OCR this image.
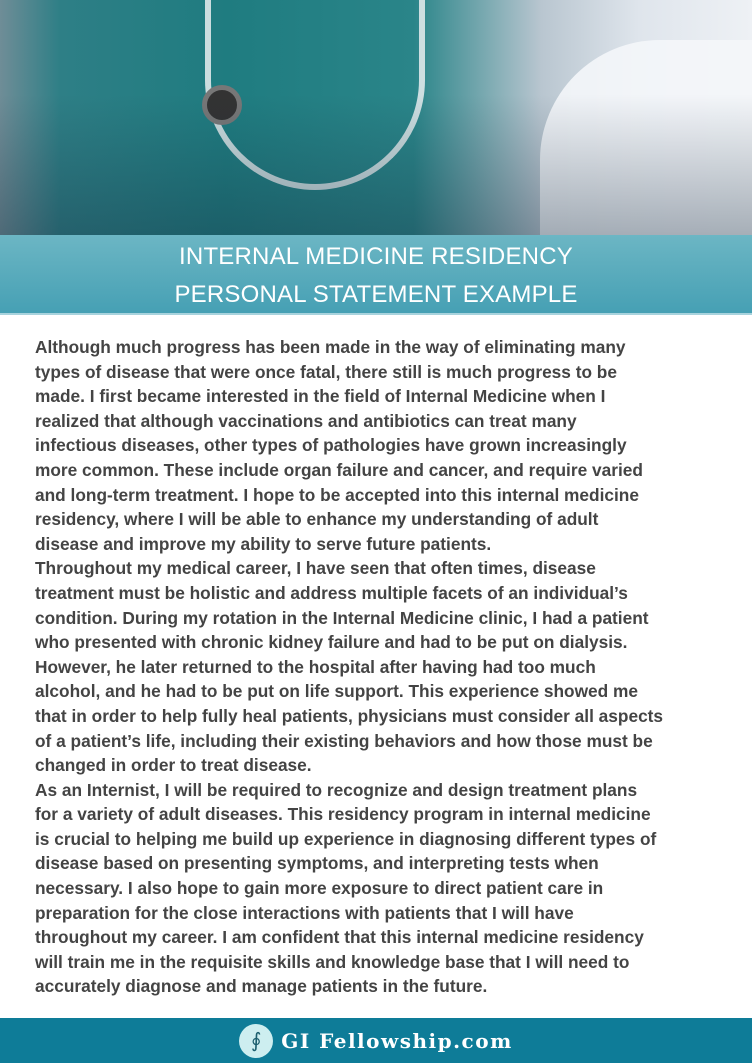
INTERNAL MEDICINE RESIDENCY
PERSONAL STATEMENT EXAMPLE
Although much progress has been made in the way of eliminating many
types of disease that were once fatal, there still is much progress to be
made. I first became interested in the field of Internal Medicine when I
realized that although vaccinations and antibiotics can treat many
infectious diseases, other types of pathologies have grown increasingly
more common. These include organ failure and cancer, and require varied
and long-term treatment. I hope to be accepted into this internal medicine
residency, where I will be able to enhance my understanding of adult
disease and improve my ability to serve future patients.
Throughout my medical career, I have seen that often times, disease
treatment must be holistic and address multiple facets of an individual’s
condition. During my rotation in the Internal Medicine clinic, I had a patient
who presented with chronic kidney failure and had to be put on dialysis.
However, he later returned to the hospital after having had too much
alcohol, and he had to be put on life support. This experience showed me
that in order to help fully heal patients, physicians must consider all aspects
of a patient’s life, including their existing behaviors and how those must be
changed in order to treat disease.
As an Internist, I will be required to recognize and design treatment plans
for a variety of adult diseases. This residency program in internal medicine
is crucial to helping me build up experience in diagnosing different types of
disease based on presenting symptoms, and interpreting tests when
necessary. I also hope to gain more exposure to direct patient care in
preparation for the close interactions with patients that I will have
throughout my career. I am confident that this internal medicine residency
will train me in the requisite skills and knowledge base that I will need to
accurately diagnose and manage patients in the future.
∮ GI Fellowship.com
